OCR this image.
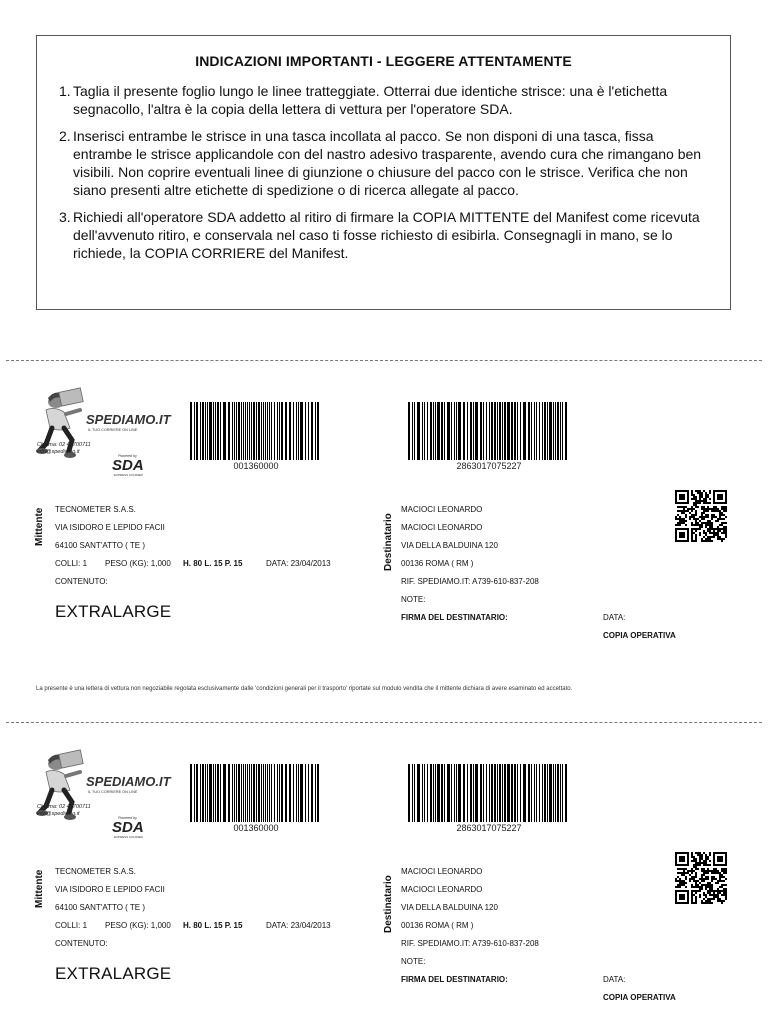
INDICAZIONI IMPORTANTI - LEGGERE ATTENTAMENTE
1. Taglia il presente foglio lungo le linee tratteggiate. Otterrai due identiche strisce: una è l'etichetta segnacollo, l'altra è la copia della lettera di vettura per l'operatore SDA.
2. Inserisci entrambe le strisce in una tasca incollata al pacco. Se non disponi di una tasca, fissa entrambe le strisce applicandole con del nastro adesivo trasparente, avendo cura che rimangano ben visibili. Non coprire eventuali linee di giunzione o chiusure del pacco con le strisce. Verifica che non siano presenti altre etichette di spedizione o di ricerca allegate al pacco.
3. Richiedi all'operatore SDA addetto al ritiro di firmare la COPIA MITTENTE del Manifest come ricevuta dell'avvenuto ritiro, e conservala nel caso ti fosse richiesto di esibirla. Consegnagli in mano, se lo richiede, la COPIA CORRIERE del Manifest.
SPEDIAMO.IT
IL TUO CORRIERE ON LINE
Powered by
SDA
EXPRESS COURIER
Chiama: 02 40700711
info@spediamo.it
001360000	2863017075227
Mittente TECNOMETER S.A.S.
VIA ISIDORO E LEPIDO FACII
64100 SANT'ATTO ( TE )
COLLI: 1 PESO (KG): 1,000 H. 80 L. 15 P. 15	DATA: 23/04/2013
CONTENUTO:
EXTRALARGE
Destinatario
MACIOCI LEONARDO
MACIOCI LEONARDO
VIA DELLA BALDUINA 120
00136 ROMA ( RM )
RIF. SPEDIAMO.IT: A739-610-837-208
NOTE:
FIRMA DEL DESTINATARIO:	DATA:
COPIA OPERATIVA
La presente è una lettera di vettura non negoziabile regolata esclusivamente dalle 'condizioni generali per il trasporto' riportate sul modulo vendita che il mittente dichiara di avere esaminato ed accettato.
SPEDIAMO.IT
IL TUO CORRIERE ON LINE
Powered by
SDA
EXPRESS COURIER
Chiama: 02 40700711
info@spediamo.it
001360000	2863017075227
Mittente TECNOMETER S.A.S.
VIA ISIDORO E LEPIDO FACII
64100 SANT'ATTO ( TE )
COLLI: 1 PESO (KG): 1,000 H. 80 L. 15 P. 15	DATA: 23/04/2013
CONTENUTO:
EXTRALARGE
Destinatario
MACIOCI LEONARDO
MACIOCI LEONARDO
VIA DELLA BALDUINA 120
00136 ROMA ( RM )
RIF. SPEDIAMO.IT: A739-610-837-208
NOTE:
FIRMA DEL DESTINATARIO:	DATA:
COPIA OPERATIVA
